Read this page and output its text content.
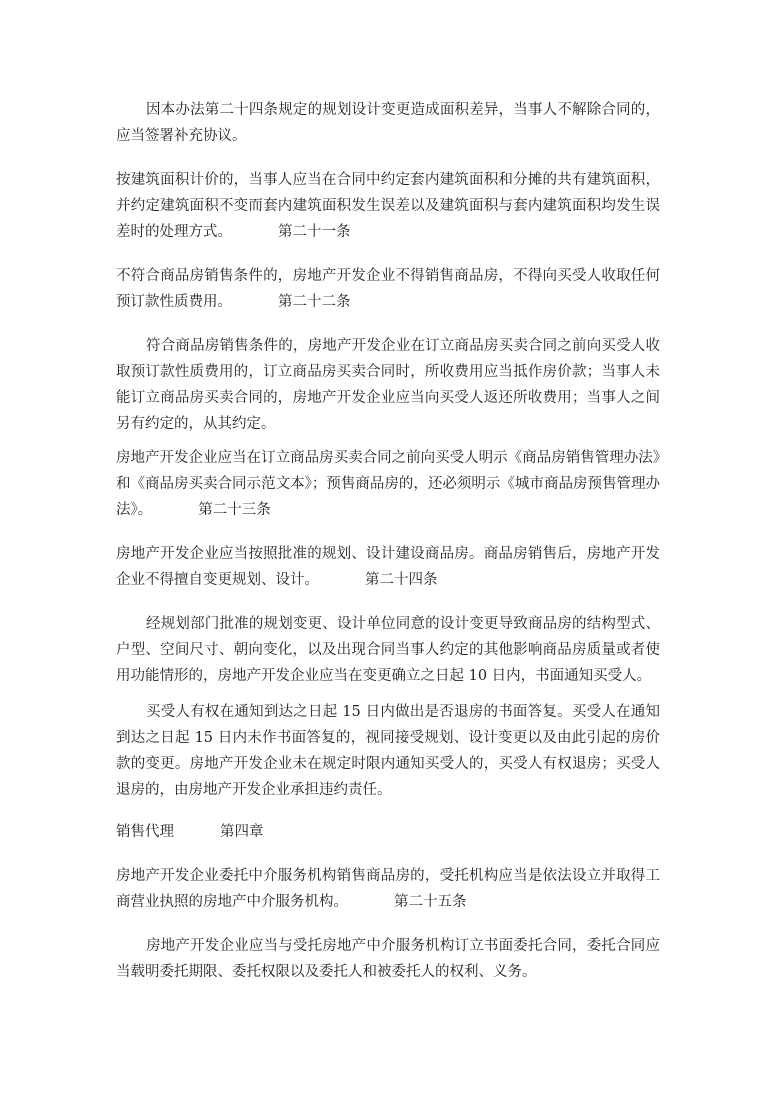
因本办法第二十四条规定的规划设计变更造成面积差异，当事人不解除合同的，应当签署补充协议。

按建筑面积计价的，当事人应当在合同中约定套内建筑面积和分摊的共有建筑面积，并约定建筑面积不变而套内建筑面积发生误差以及建筑面积与套内建筑面积均发生误差时的处理方式。	第二十一条

不符合商品房销售条件的，房地产开发企业不得销售商品房，不得向买受人收取任何预订款性质费用。	第二十二条

符合商品房销售条件的，房地产开发企业在订立商品房买卖合同之前向买受人收取预订款性质费用的，订立商品房买卖合同时，所收费用应当抵作房价款；当事人未能订立商品房买卖合同的，房地产开发企业应当向买受人返还所收费用；当事人之间另有约定的，从其约定。

房地产开发企业应当在订立商品房买卖合同之前向买受人明示《商品房销售管理办法》和《商品房买卖合同示范文本》；预售商品房的，还必须明示《城市商品房预售管理办法》。	第二十三条

房地产开发企业应当按照批准的规划、设计建设商品房。商品房销售后，房地产开发企业不得擅自变更规划、设计。	第二十四条

经规划部门批准的规划变更、设计单位同意的设计变更导致商品房的结构型式、户型、空间尺寸、朝向变化，以及出现合同当事人约定的其他影响商品房质量或者使用功能情形的，房地产开发企业应当在变更确立之日起 10 日内，书面通知买受人。

买受人有权在通知到达之日起 15 日内做出是否退房的书面答复。买受人在通知到达之日起 15 日内未作书面答复的，视同接受规划、设计变更以及由此引起的房价款的变更。房地产开发企业未在规定时限内通知买受人的，买受人有权退房；买受人退房的，由房地产开发企业承担违约责任。

销售代理	第四章

房地产开发企业委托中介服务机构销售商品房的，受托机构应当是依法设立并取得工商营业执照的房地产中介服务机构。	第二十五条

房地产开发企业应当与受托房地产中介服务机构订立书面委托合同，委托合同应当载明委托期限、委托权限以及委托人和被委托人的权利、义务。
